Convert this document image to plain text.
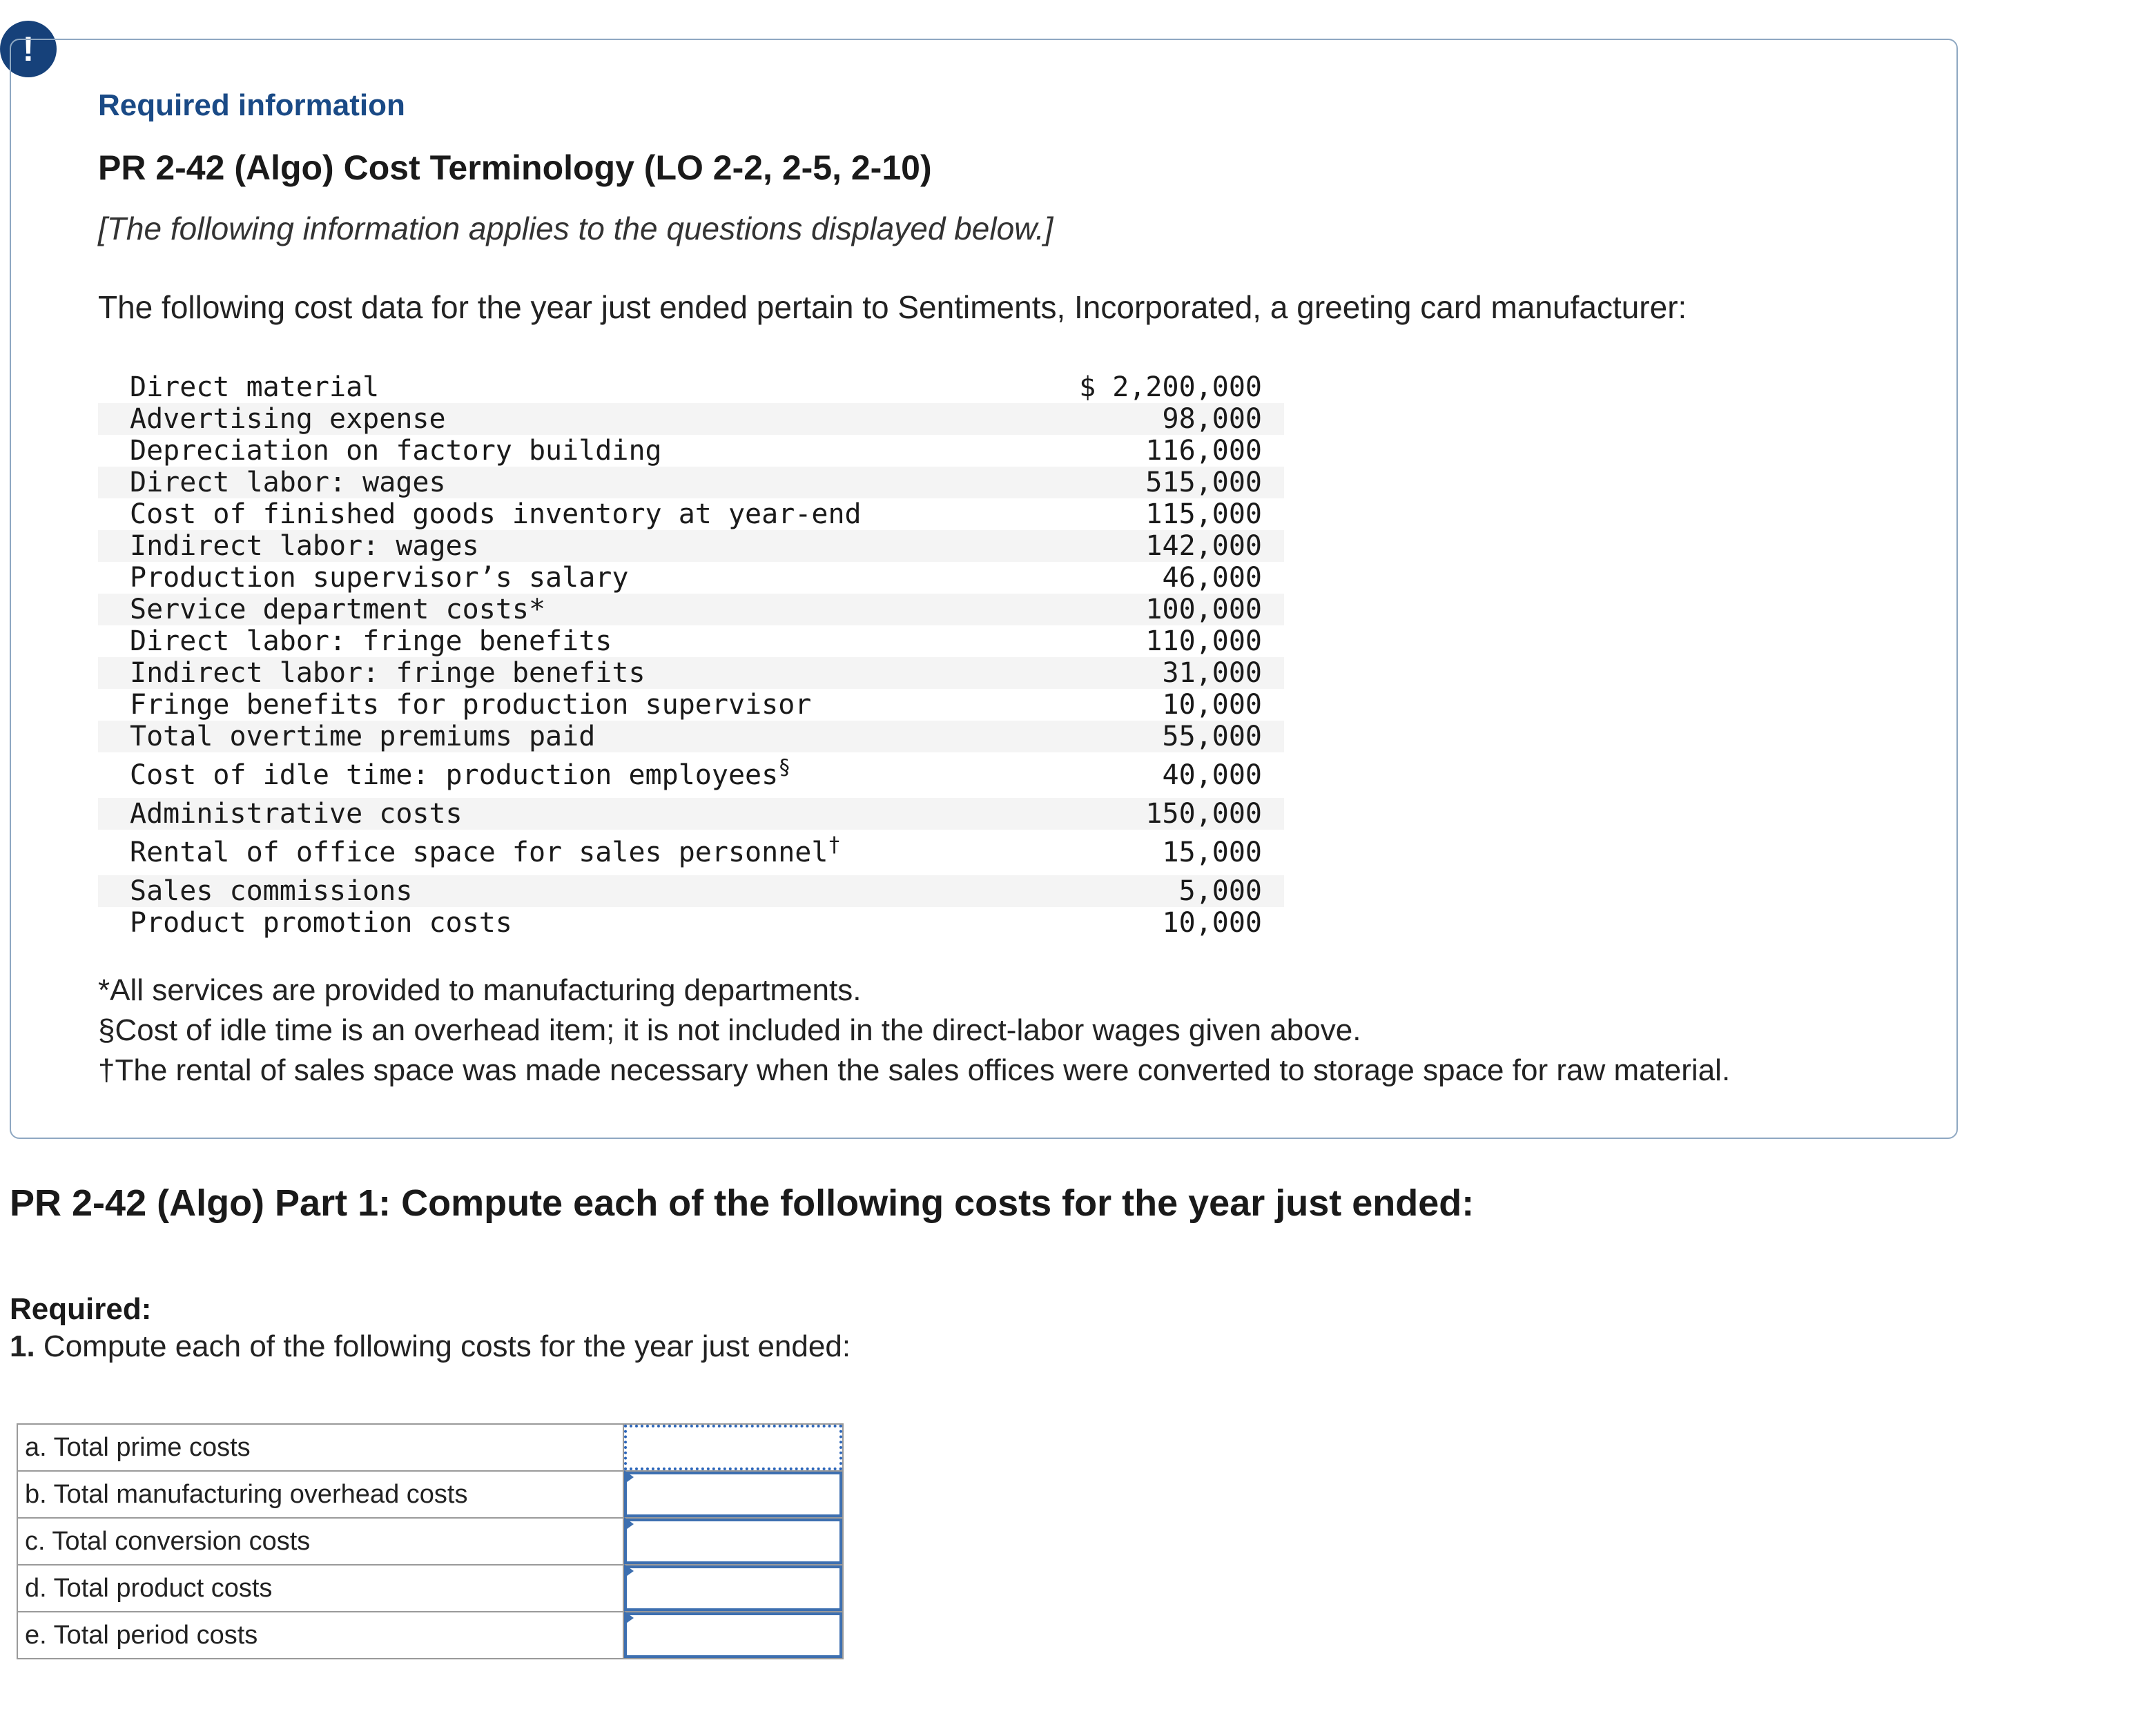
!
Required information
PR 2-42 (Algo) Cost Terminology (LO 2-2, 2-5, 2-10)
[The following information applies to the questions displayed below.]
The following cost data for the year just ended pertain to Sentiments, Incorporated, a greeting card manufacturer:
Direct material	$ 2,200,000
Advertising expense	98,000
Depreciation on factory building	116,000
Direct labor: wages	515,000
Cost of finished goods inventory at year-end	115,000
Indirect labor: wages	142,000
Production supervisor’s salary	46,000
Service department costs*	100,000
Direct labor: fringe benefits	110,000
Indirect labor: fringe benefits	31,000
Fringe benefits for production supervisor	10,000
Total overtime premiums paid	55,000
Cost of idle time: production employees§	40,000
Administrative costs	150,000
Rental of office space for sales personnel†	15,000
Sales commissions	5,000
Product promotion costs	10,000
*All services are provided to manufacturing departments.
§Cost of idle time is an overhead item; it is not included in the direct-labor wages given above.
†The rental of sales space was made necessary when the sales offices were converted to storage space for raw material.
PR 2-42 (Algo) Part 1: Compute each of the following costs for the year just ended:
Required:
1. Compute each of the following costs for the year just ended:
a. Total prime costs	

b. Total manufacturing overhead costs	

c. Total conversion costs	

d. Total product costs	

e. Total period costs	
